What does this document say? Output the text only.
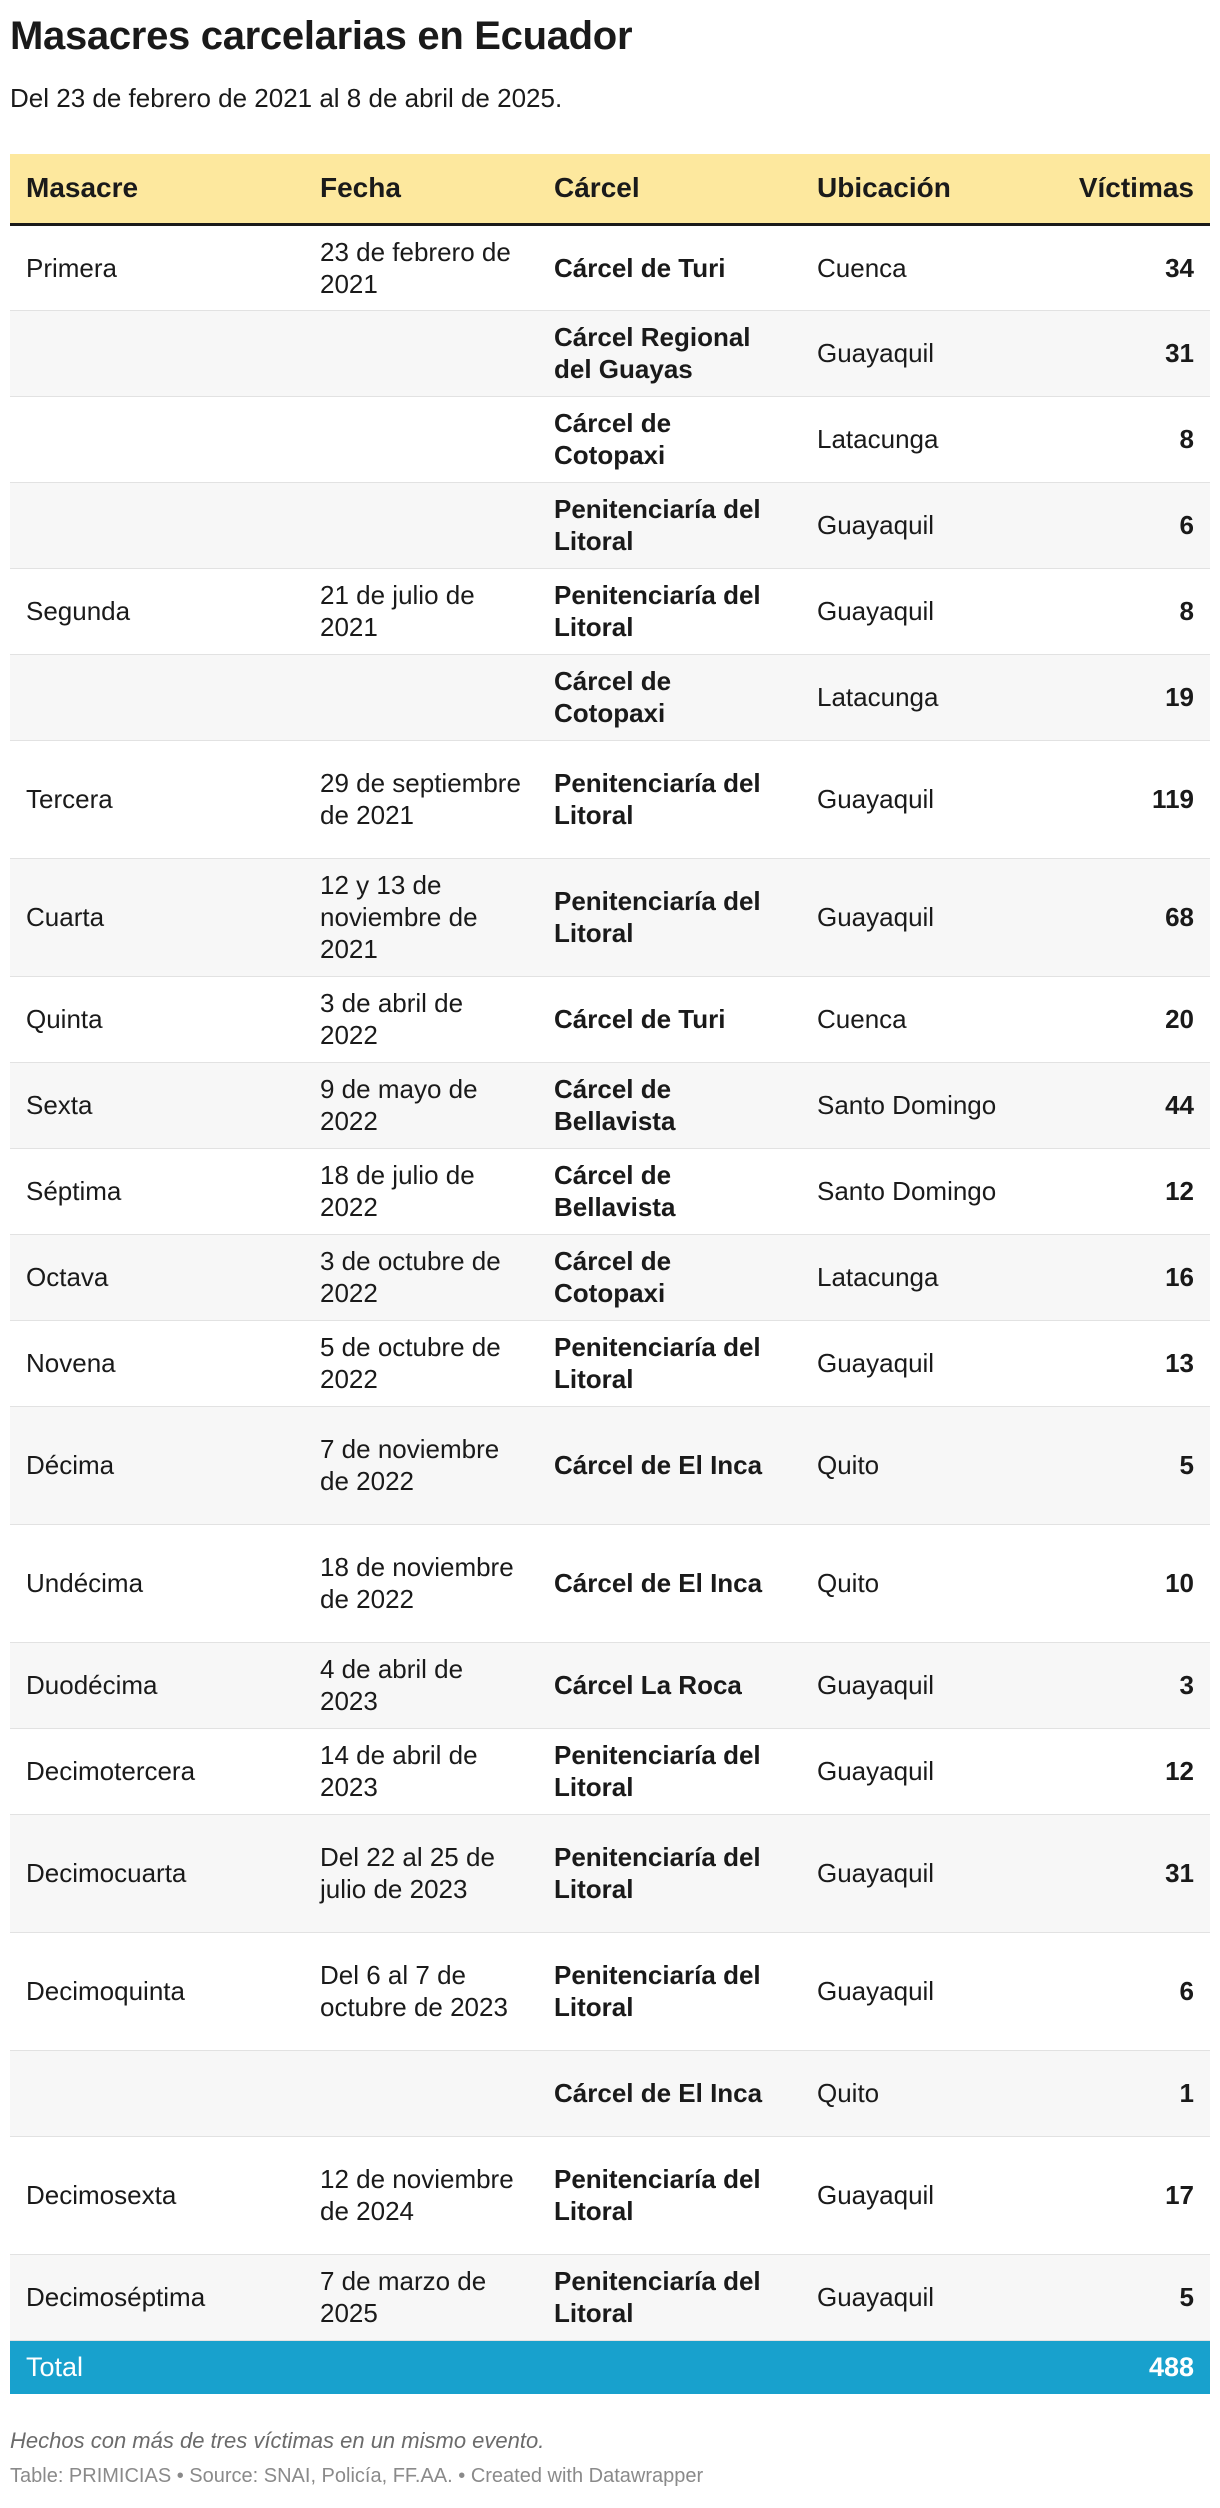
Masacres carcelarias en Ecuador
Del 23 de febrero de 2021 al 8 de abril de 2025.
Masacre	Fecha	Cárcel	Ubicación	Víctimas
Primera	23 de febrero de 2021	Cárcel de Turi	Cuenca	34
		Cárcel Regional del Guayas	Guayaquil	31
		Cárcel de Cotopaxi	Latacunga	8
		Penitenciaría del Litoral	Guayaquil	6
Segunda	21 de julio de 2021	Penitenciaría del Litoral	Guayaquil	8
		Cárcel de Cotopaxi	Latacunga	19
Tercera	29 de septiembre de 2021	Penitenciaría del Litoral	Guayaquil	119
Cuarta	12 y 13 de noviembre de 2021	Penitenciaría del Litoral	Guayaquil	68
Quinta	3 de abril de 2022	Cárcel de Turi	Cuenca	20
Sexta	9 de mayo de 2022	Cárcel de Bellavista	Santo Domingo	44
Séptima	18 de julio de 2022	Cárcel de Bellavista	Santo Domingo	12
Octava	3 de octubre de 2022	Cárcel de Cotopaxi	Latacunga	16
Novena	5 de octubre de 2022	Penitenciaría del Litoral	Guayaquil	13
Décima	7 de noviembre de 2022	Cárcel de El Inca	Quito	5
Undécima	18 de noviembre de 2022	Cárcel de El Inca	Quito	10
Duodécima	4 de abril de 2023	Cárcel La Roca	Guayaquil	3
Decimotercera	14 de abril de 2023	Penitenciaría del Litoral	Guayaquil	12
Decimocuarta	Del 22 al 25 de julio de 2023	Penitenciaría del Litoral	Guayaquil	31
Decimoquinta	Del 6 al 7 de octubre de 2023	Penitenciaría del Litoral	Guayaquil	6
		Cárcel de El Inca	Quito	1
Decimosexta	12 de noviembre de 2024	Penitenciaría del Litoral	Guayaquil	17
Decimoséptima	7 de marzo de 2025	Penitenciaría del Litoral	Guayaquil	5
Total				488
Hechos con más de tres víctimas en un mismo evento.
Table: PRIMICIAS • Source: SNAI, Policía, FF.AA. • Created with Datawrapper
